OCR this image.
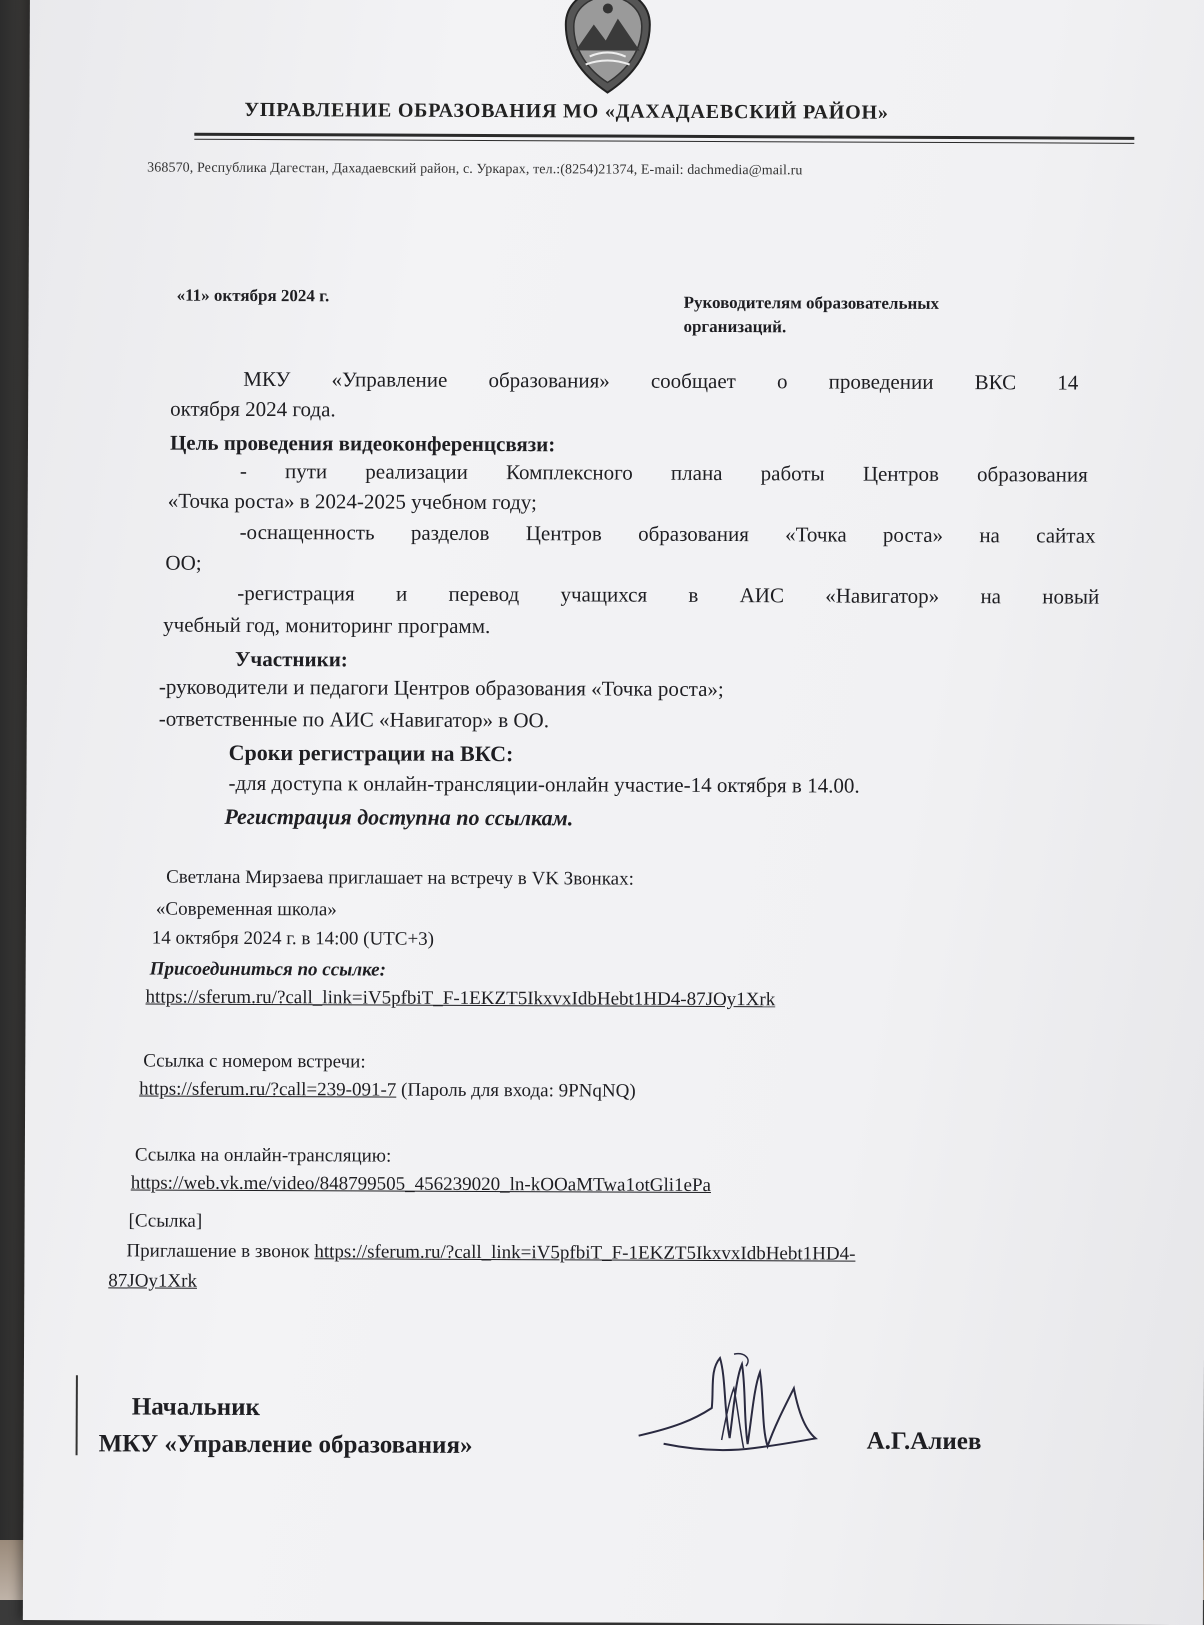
УПРАВЛЕНИЕ ОБРАЗОВАНИЯ МО «ДАХАДАЕВСКИЙ РАЙОН»
368570, Республика Дагестан, Дахадаевский район, с. Уркарах, тел.:(8254)21374, E-mail: dachmedia@mail.ru
«11» октября 2024 г.	Руководителям образовательных организаций.
МКУ «Управление образования» сообщает о проведении ВКС 14
октября 2024 года.
Цель проведения видеоконференцсвязи:
- пути реализации Комплексного плана работы Центров образования
«Точка роста» в 2024-2025 учебном году;
-оснащенность разделов Центров образования «Точка роста» на сайтах
ОО;
-регистрация и перевод учащихся в АИС «Навигатор» на новый
учебный год, мониторинг программ.
Участники:
-руководители и педагоги Центров образования «Точка роста»;
-ответственные по АИС «Навигатор» в ОО.
Сроки регистрации на ВКС:
-для доступа к онлайн-трансляции-онлайн участие-14 октября в 14.00.
Регистрация доступна по ссылкам.
Светлана Мирзаева приглашает на встречу в VK Звонках:
«Современная школа»
14 октября 2024 г. в 14:00 (UTC+3)
Присоединиться по ссылке:
https://sferum.ru/?call_link=iV5pfbiT_F-1EKZT5IkxvxIdbHebt1HD4-87JOy1Xrk
Ссылка с номером встречи:
https://sferum.ru/?call=239-091-7 (Пароль для входа: 9PNqNQ)
Ссылка на онлайн-трансляцию:
https://web.vk.me/video/848799505_456239020_ln-kOOaMTwa1otGli1ePa
[Ссылка]
Приглашение в звонок https://sferum.ru/?call_link=iV5pfbiT_F-1EKZT5IkxvxIdbHebt1HD4-
87JOy1Xrk
Начальник
МКУ «Управление образования»	А.Г.Алиев
